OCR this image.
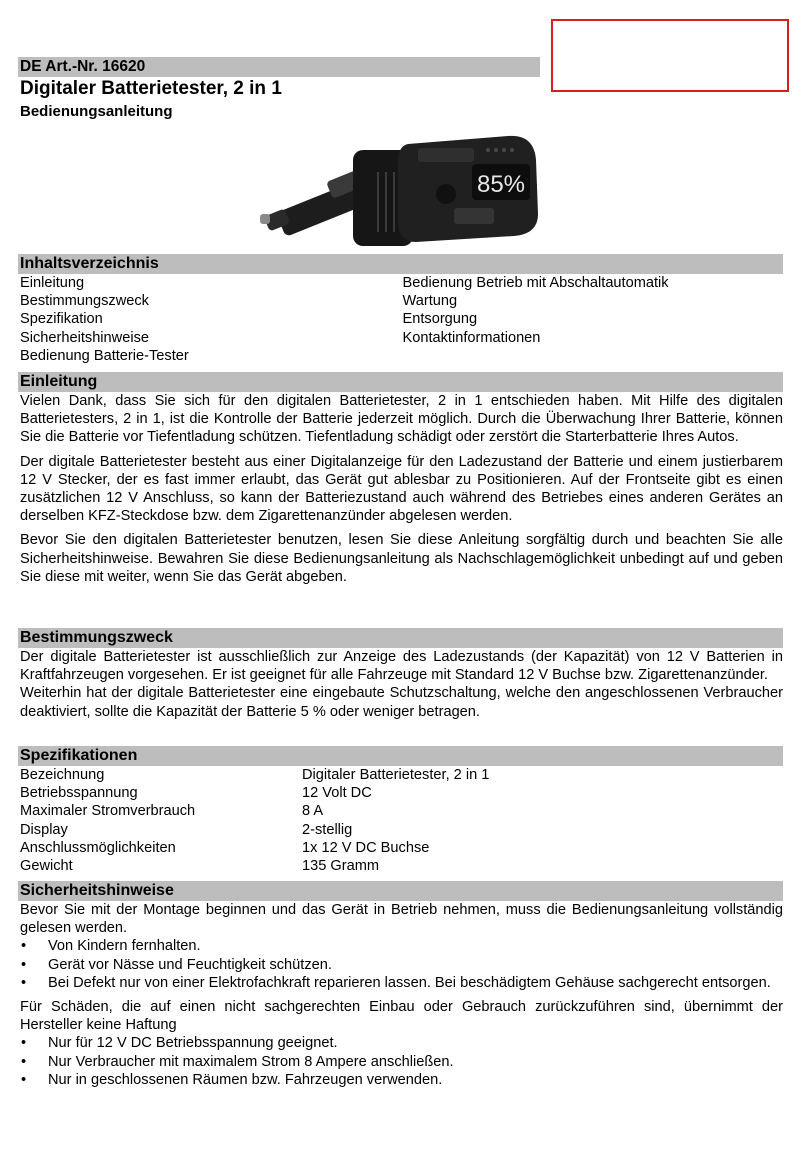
DE Art.-Nr. 16620
Digitaler Batterietester, 2 in 1
Bedienungsanleitung
85%
Inhaltsverzeichnis
Einleitung
Bestimmungszweck
Spezifikation
Sicherheitshinweise
Bedienung Batterie-Tester
Bedienung Betrieb mit Abschaltautomatik
Wartung
Entsorgung
Kontaktinformationen
Einleitung

Vielen Dank, dass Sie sich für den digitalen Batterietester, 2 in 1 entschieden haben. Mit Hilfe des digitalen Batterietesters, 2 in 1, ist die Kontrolle der Batterie jederzeit möglich. Durch die Überwachung Ihrer Batterie, können Sie die Batterie vor Tiefentladung schützen. Tiefentladung schädigt oder zerstört die Starterbatterie Ihres Autos.

Der digitale Batterietester besteht aus einer Digitalanzeige für den Ladezustand der Batterie und einem justierbarem 12 V Stecker, der es fast immer erlaubt, das Gerät gut ablesbar zu Positionieren. Auf der Frontseite gibt es einen zusätzlichen 12 V Anschluss, so kann der Batteriezustand auch während des Betriebes eines anderen Gerätes an derselben KFZ-Steckdose bzw. dem Zigarettenanzünder abgelesen werden.

Bevor Sie den digitalen Batterietester benutzen, lesen Sie diese Anleitung sorgfältig durch und beachten Sie alle Sicherheitshinweise. Bewahren Sie diese Bedienungsanleitung als Nachschlagemöglichkeit unbedingt auf und geben Sie diese mit weiter, wenn Sie das Gerät abgeben.

Bestimmungszweck

Der digitale Batterietester ist ausschließlich zur Anzeige des Ladezustands (der Kapazität) von 12 V Batterien in Kraftfahrzeugen vorgesehen. Er ist geeignet für alle Fahrzeuge mit Standard 12 V Buchse bzw. Zigarettenanzünder.

Weiterhin hat der digitale Batterietester eine eingebaute Schutzschaltung, welche den angeschlossenen Verbraucher deaktiviert, sollte die Kapazität der Batterie 5 % oder weniger betragen.

Spezifikationen
Bezeichnung	Digitaler Batterietester, 2 in 1
Betriebsspannung	12 Volt DC
Maximaler Stromverbrauch	8 A
Display	2-stellig
Anschlussmöglichkeiten	1x 12 V DC Buchse
Gewicht	135 Gramm
Sicherheitshinweise

Bevor Sie mit der Montage beginnen und das Gerät in Betrieb nehmen, muss die Bedienungsanleitung vollständig gelesen werden.

• Von Kindern fernhalten.
• Gerät vor Nässe und Feuchtigkeit schützen.
• Bei Defekt nur von einer Elektrofachkraft reparieren lassen. Bei beschädigtem Gehäuse sachgerecht entsorgen.

Für Schäden, die auf einen nicht sachgerechten Einbau oder Gebrauch zurückzuführen sind, übernimmt der Hersteller keine Haftung

• Nur für 12 V DC Betriebsspannung geeignet.
• Nur Verbraucher mit maximalem Strom 8 Ampere anschließen.
• Nur in geschlossenen Räumen bzw. Fahrzeugen verwenden.
